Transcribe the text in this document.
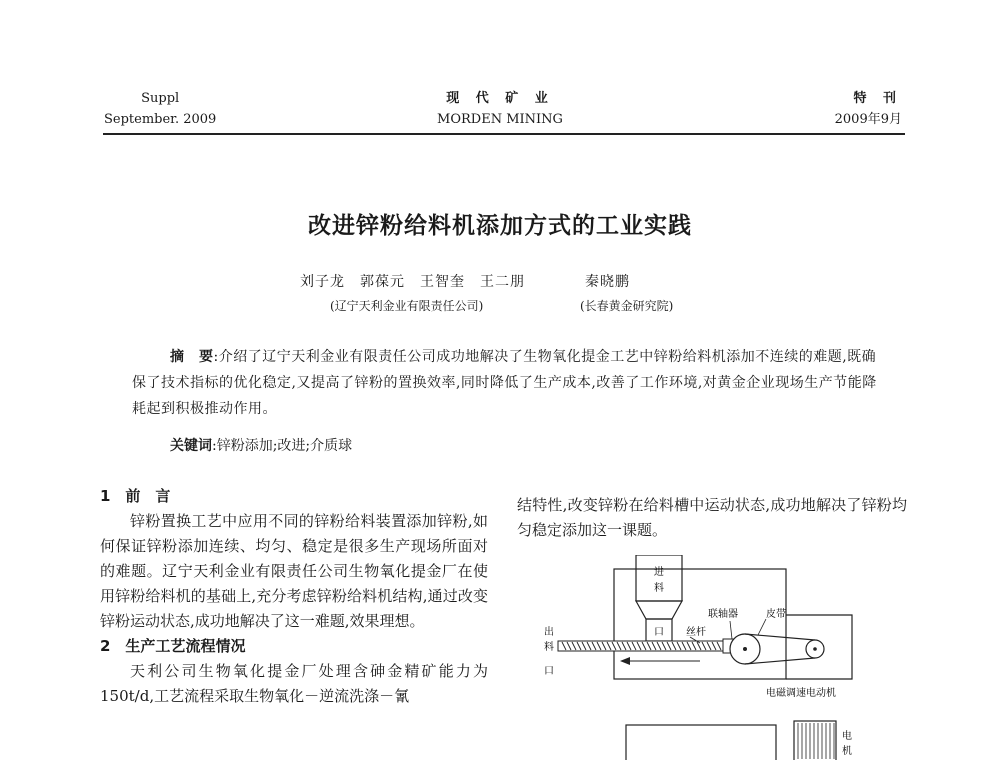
Suppl
September. 2009
现 代 矿 业
MORDEN MINING
特 刊
2009年9月
改进锌粉给料机添加方式的工业实践
刘子龙　郭葆元　王智奎　王二朋　　　　秦晓鹏
(辽宁天利金业有限责任公司)	(长春黄金研究院)
摘　要:介绍了辽宁天利金业有限责任公司成功地解决了生物氧化提金工艺中锌粉给料机添加不连续的难题,既确保了技术指标的优化稳定,又提高了锌粉的置换效率,同时降低了生产成本,改善了工作环境,对黄金企业现场生产节能降耗起到积极推动作用。
关键词:锌粉添加;改进;介质球
1　前　言
锌粉置换工艺中应用不同的锌粉给料装置添加锌粉,如何保证锌粉添加连续、均匀、稳定是很多生产现场所面对的难题。辽宁天利金业有限责任公司生物氧化提金厂在使用锌粉给料机的基础上,充分考虑锌粉给料机结构,通过改变锌粉运动状态,成功地解决了这一难题,效果理想。
2　生产工艺流程情况
天利公司生物氧化提金厂处理含砷金精矿能力为150t/d,工艺流程采取生物氧化－逆流洗涤－氰
结特性,改变锌粉在给料槽中运动状态,成功地解决了锌粉均匀稳定添加这一课题。
进
料
口
出
料
口
丝杆
联轴器	皮带
电磁调速电动机
电
机
